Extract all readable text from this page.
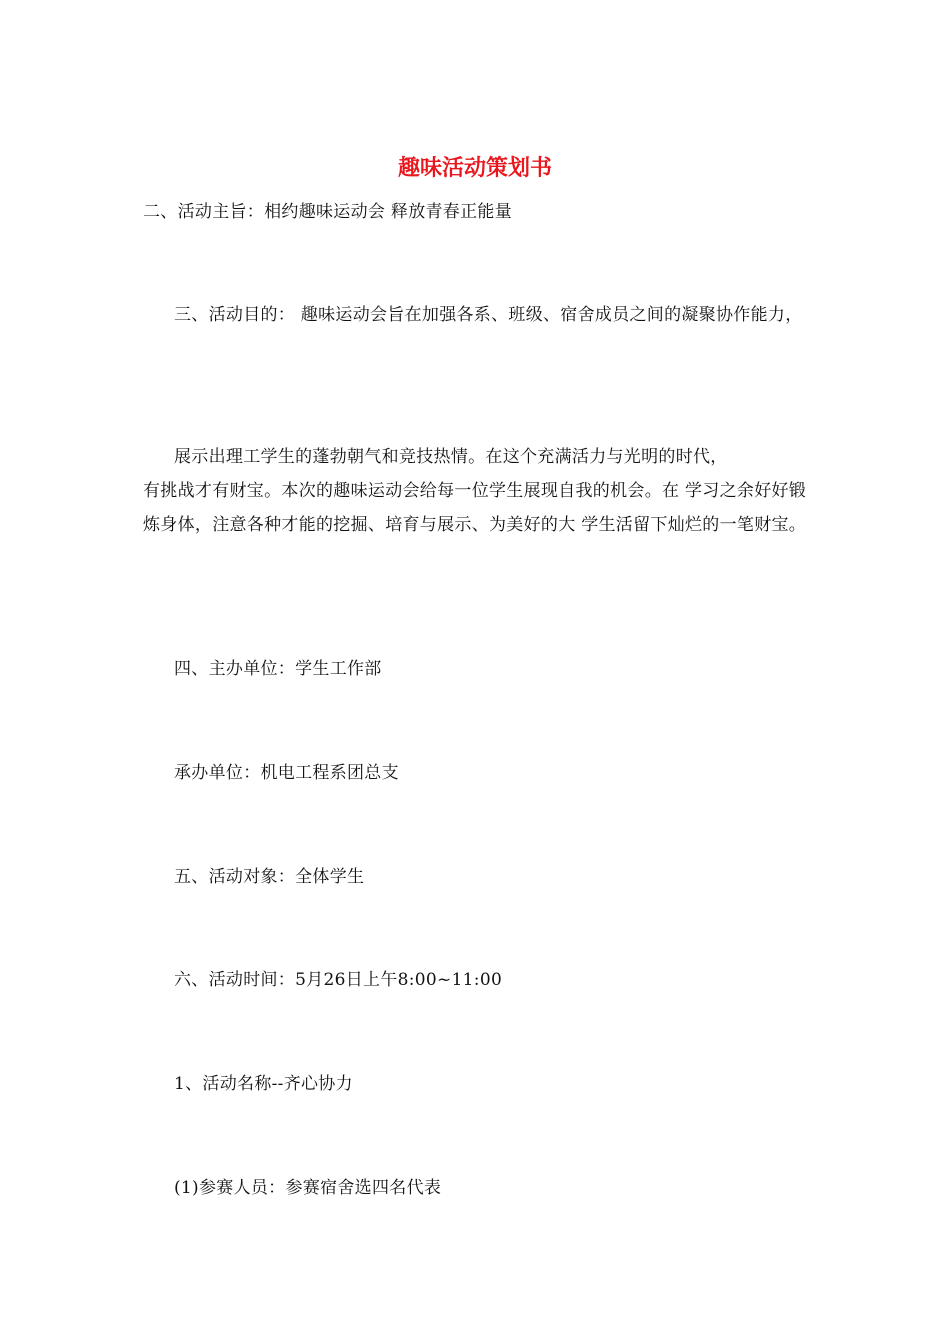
趣味活动策划书

二、活动主旨：相约趣味运动会 释放青春正能量

三、活动目的： 趣味运动会旨在加强各系、班级、宿舍成员之间的凝聚协作能力，

展示出理工学生的蓬勃朝气和竞技热情。在这个充满活力与光明的时代，

有挑战才有财宝。本次的趣味运动会给每一位学生展现自我的机会。在 学习之余好好锻炼身体，注意各种才能的挖掘、培育与展示、为美好的大 学生活留下灿烂的一笔财宝。

四、主办单位：学生工作部

承办单位：机电工程系团总支

五、活动对象：全体学生

六、活动时间：5月26日上午8:00~11:00

1、活动名称--齐心协力

(1)参赛人员：参赛宿舍选四名代表
